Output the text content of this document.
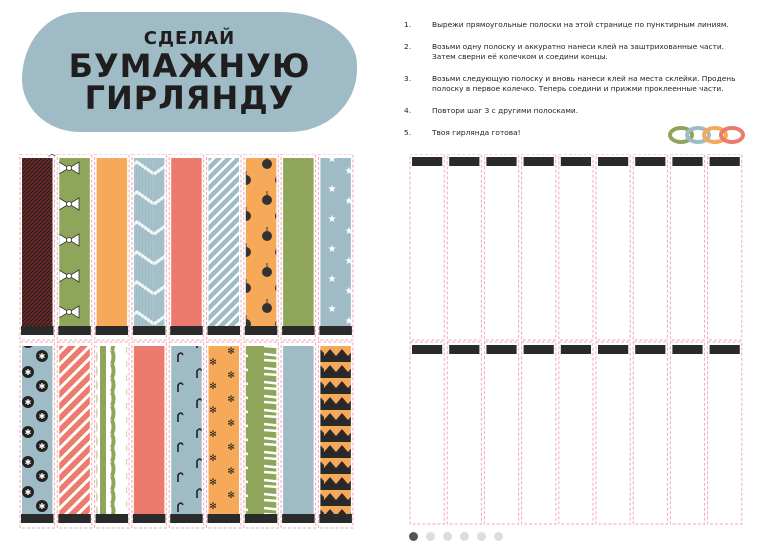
СДЕЛАЙ
БУМАЖНУЮ
ГИРЛЯНДУ
✂
1.	Вырежи прямоугольные полоски на этой странице по пунктирным линиям.
2.	Возьми одну полоску и аккуратно нанеси клей на заштрихованные части. Затем сверни её колечком и соедини концы.
3.	Возьми следующую полоску и вновь нанеси клей на места склейки. Продень полоску в первое колечко. Теперь соедини и прижми проклеенные части.
4.	Повтори шаг 3 с другими полосками.
5.	Твоя гирлянда готова!
